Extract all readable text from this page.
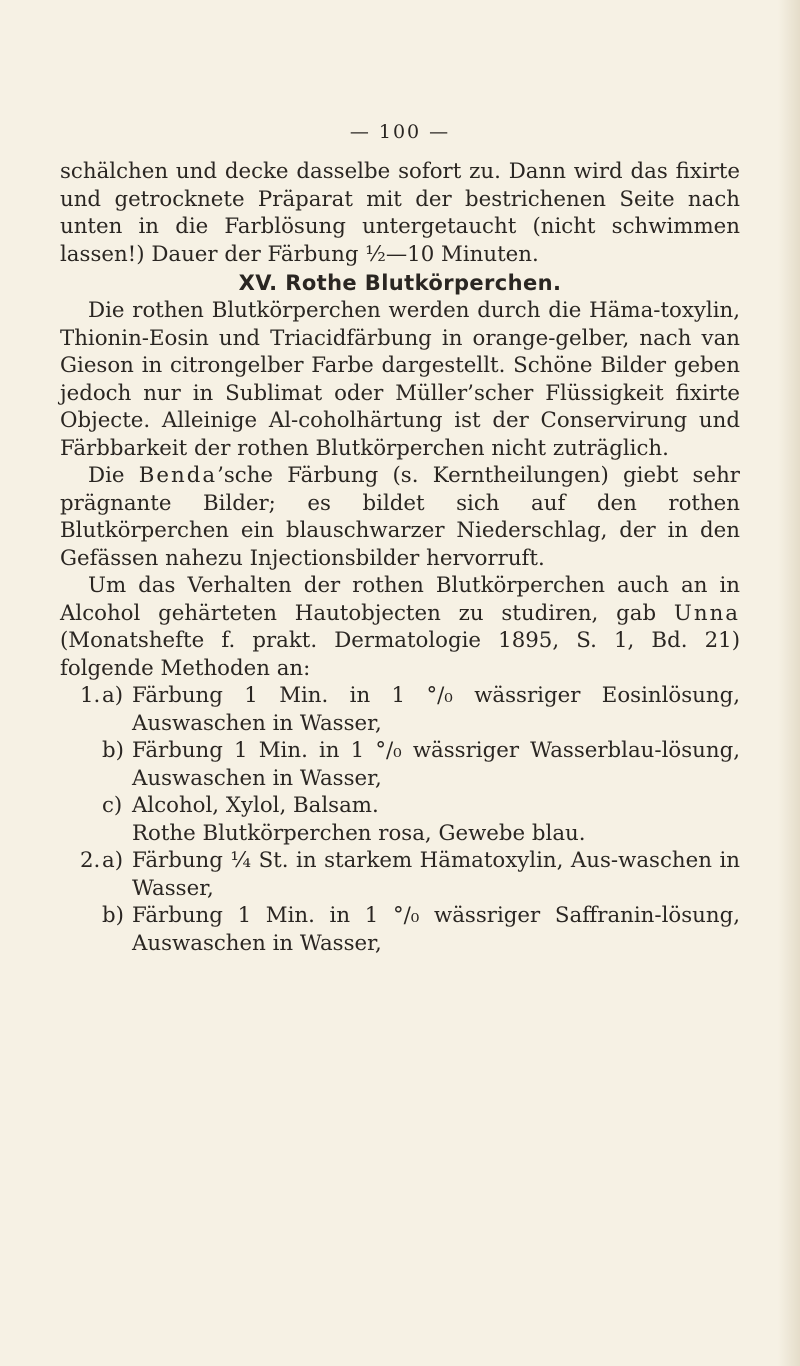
— 100 —

schälchen und decke dasselbe sofort zu. Dann wird das fixirte und getrocknete Präparat mit der bestrichenen Seite nach unten in die Farblösung untergetaucht (nicht schwimmen lassen!) Dauer der Färbung ½—10 Minuten.

XV. Rothe Blutkörperchen.

Die rothen Blutkörperchen werden durch die Häma-toxylin, Thionin-Eosin und Triacidfärbung in orange-gelber, nach van Gieson in citrongelber Farbe dargestellt. Schöne Bilder geben jedoch nur in Sublimat oder Müller’scher Flüssigkeit fixirte Objecte. Alleinige Al-coholhärtung ist der Conservirung und Färbbarkeit der rothen Blutkörperchen nicht zuträglich.

Die Benda’sche Färbung (s. Kerntheilungen) giebt sehr prägnante Bilder; es bildet sich auf den rothen Blutkörperchen ein blauschwarzer Niederschlag, der in den Gefässen nahezu Injectionsbilder hervorruft.

Um das Verhalten der rothen Blutkörperchen auch an in Alcohol gehärteten Hautobjecten zu studiren, gab Unna (Monatshefte f. prakt. Dermatologie 1895, S. 1, Bd. 21) folgende Methoden an:

1. a) Färbung 1 Min. in 1 °/₀ wässriger Eosinlösung, Auswaschen in Wasser,
b) Färbung 1 Min. in 1 °/₀ wässriger Wasserblau-lösung, Auswaschen in Wasser,
c) Alcohol, Xylol, Balsam.
Rothe Blutkörperchen rosa, Gewebe blau.
2. a) Färbung ¼ St. in starkem Hämatoxylin, Aus-waschen in Wasser,
b) Färbung 1 Min. in 1 °/₀ wässriger Saffranin-lösung, Auswaschen in Wasser,
